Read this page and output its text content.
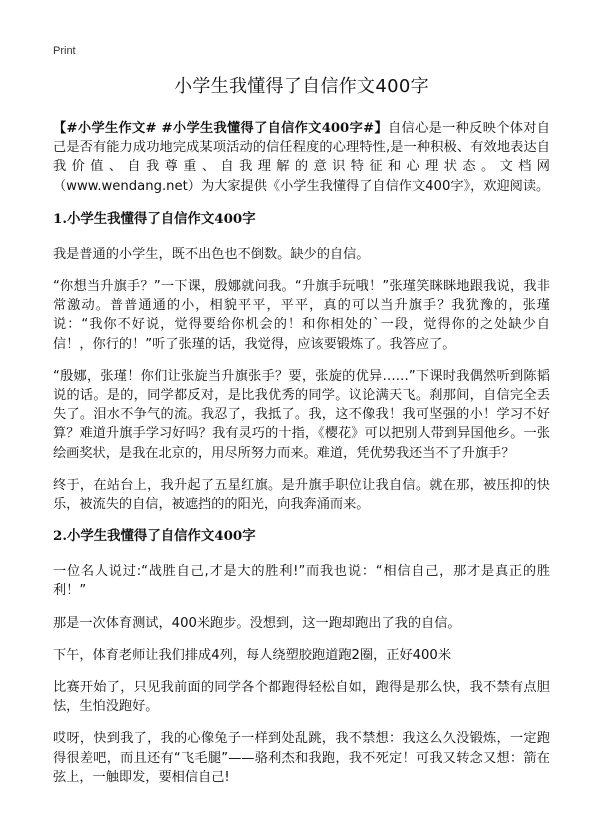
Print
小学生我懂得了自信作文400字

【#小学生作文# #小学生我懂得了自信作文400字#】自信心是一种反映个体对自己是否有能力成功地完成某项活动的信任程度的心理特性,是一种积极、有效地表达自我价值、自我尊重、自我理解的意识特征和心理状态。文档网（www.wendang.net）为大家提供《小学生我懂得了自信作文400字》，欢迎阅读。

1.小学生我懂得了自信作文400字

我是普通的小学生，既不出色也不倒数。缺少的自信。

“你想当升旗手？”一下课，殷娜就问我。“升旗手玩哦！”张瑾笑眯眯地跟我说，我非常激动。普普通通的小，相貌平平，平平，真的可以当升旗手？我犹豫的，张瑾说：“我你不好说，觉得要给你机会的！和你相处的`一段，觉得你的之处缺少自信！，你行的！”听了张瑾的话，我觉得，应该要锻炼了。我答应了。

“殷娜，张瑾！你们让张旋当升旗张手？要，张旋的优异……”下课时我偶然听到陈韬说的话。是的，同学都反对，是比我优秀的同学。议论满天飞。刹那间，自信完全丢失了。泪水不争气的流。我忍了，我抵了。我，这不像我！我可坚强的小！学习不好算？难道升旗手学习好吗？我有灵巧的十指，《樱花》可以把别人带到异国他乡。一张绘画奖状，是我在北京的，用尽所努力而来。难道，凭优势我还当不了升旗手？

终于，在站台上，我升起了五星红旗。是升旗手职位让我自信。就在那，被压抑的快乐，被流失的自信，被遮挡的的阳光，向我奔涌而来。

2.小学生我懂得了自信作文400字

一位名人说过:“战胜自己,才是大的胜利!”而我也说：“相信自己，那才是真正的胜利！”

那是一次体育测试，400米跑步。没想到，这一跑却跑出了我的自信。

下午，体育老师让我们排成4列，每人绕塑胶跑道跑2圈，正好400米

比赛开始了，只见我前面的同学各个都跑得轻松自如，跑得是那么快，我不禁有点胆怯，生怕没跑好。

哎呀，快到我了，我的心像兔子一样到处乱跳，我不禁想：我这么久没锻炼，一定跑得很差吧，而且还有“飞毛腿”——骆利杰和我跑，我不死定！可我又转念又想：箭在弦上，一触即发，要相信自己!
